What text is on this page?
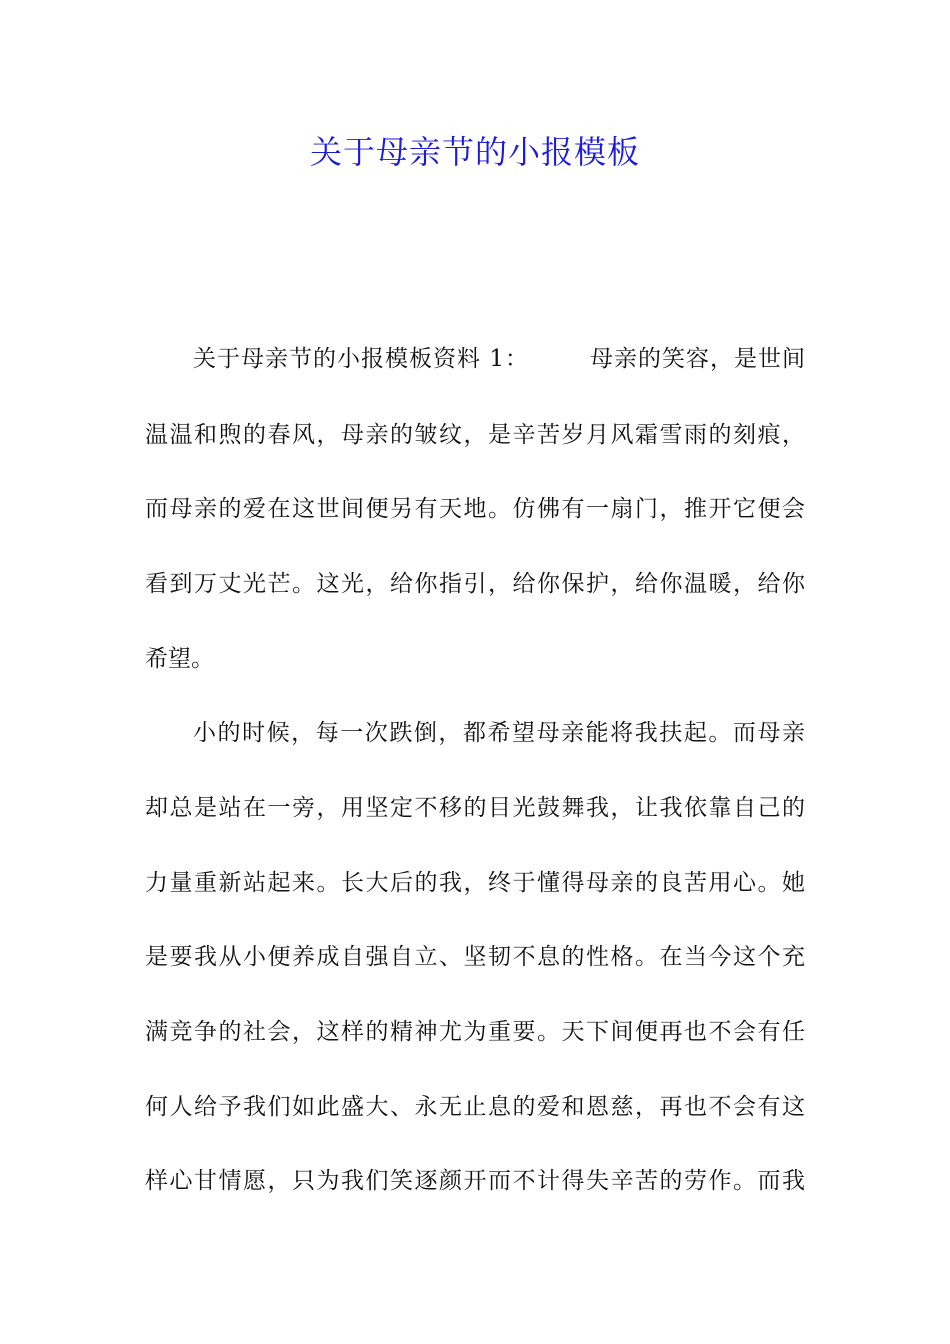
关于母亲节的小报模板
关于母亲节的小报模板资料 1：	母亲的笑容，是世间
温温和煦的春风，母亲的皱纹，是辛苦岁月风霜雪雨的刻痕，
而母亲的爱在这世间便另有天地。仿佛有一扇门，推开它便会
看到万丈光芒。这光，给你指引，给你保护，给你温暖，给你
希望。
小的时候，每一次跌倒，都希望母亲能将我扶起。而母亲
却总是站在一旁，用坚定不移的目光鼓舞我，让我依靠自己的
力量重新站起来。长大后的我，终于懂得母亲的良苦用心。她
是要我从小便养成自强自立、坚韧不息的性格。在当今这个充
满竞争的社会，这样的精神尤为重要。天下间便再也不会有任
何人给予我们如此盛大、永无止息的爱和恩慈，再也不会有这
样心甘情愿，只为我们笑逐颜开而不计得失辛苦的劳作。而我
